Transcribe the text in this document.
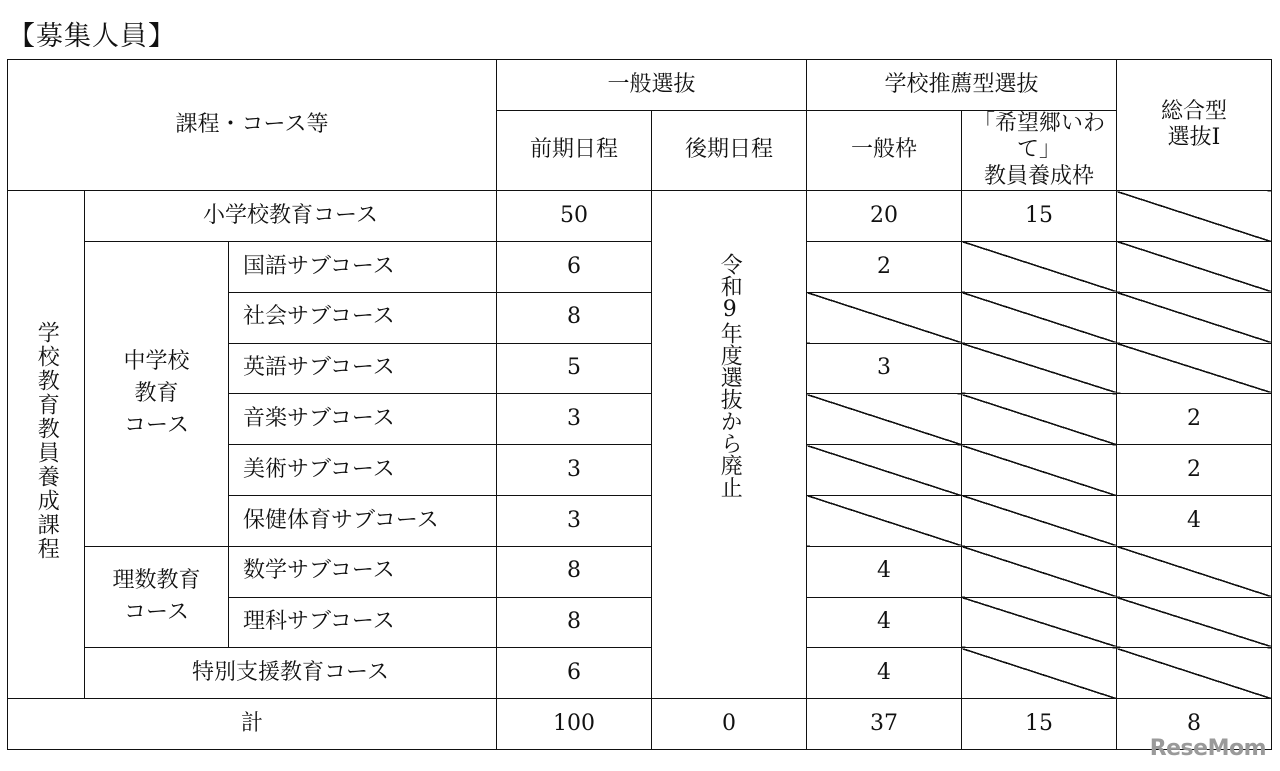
【募集人員】
課程・コース等			一般選抜		学校推薦型選抜		総合型
選抜Ⅰ

			前期日程	後期日程	一般枠	「希望郷いわて」
教員養成枠	

学校教育教員養成課程	小学校教育コース		50	令和9年度選抜から廃止	20	15	

	中学校
教育
コース	国語サブコース	6		2		
		社会サブコース	8				
		英語サブコース	5		3		
		音楽サブコース	3				2
		美術サブコース	3				2
		保健体育サブコース	3				4

	理数教育
コース	数学サブコース	8		4		
		理科サブコース	8		4		
	特別支援教育コース		6		4		
計			100	0	37	15	8
ReseMom
